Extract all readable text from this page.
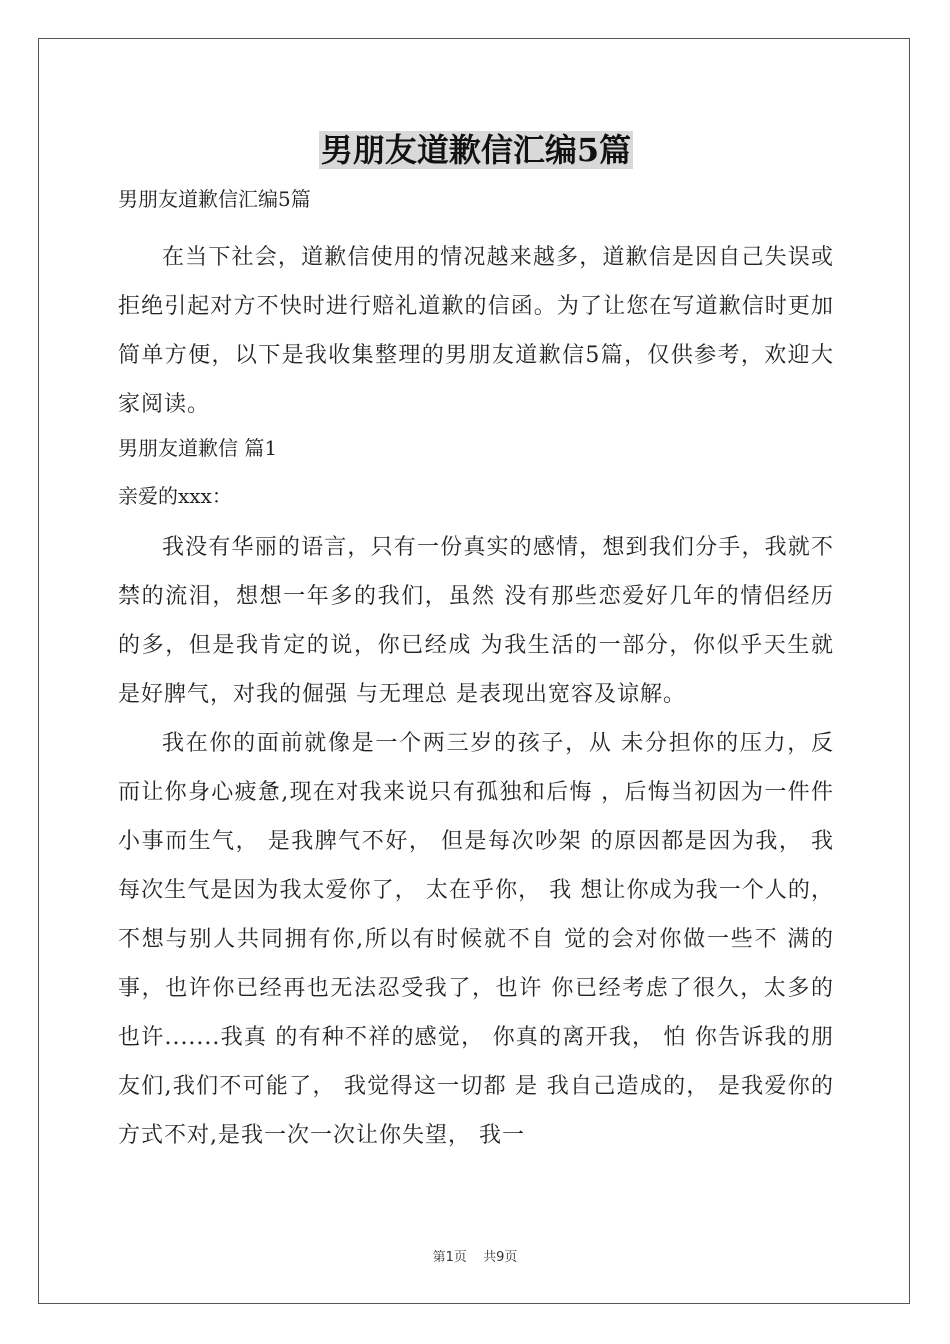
男朋友道歉信汇编5篇

男朋友道歉信汇编5篇

在当下社会，道歉信使用的情况越来越多，道歉信是因自己失误或拒绝引起对方不快时进行赔礼道歉的信函。为了让您在写道歉信时更加简单方便，以下是我收集整理的男朋友道歉信5篇，仅供参考，欢迎大家阅读。

男朋友道歉信 篇1

亲爱的xxx：

我没有华丽的语言，只有一份真实的感情，想到我们分手，我就不禁的流泪，想想一年多的我们，虽然 没有那些恋爱好几年的情侣经历 的多，但是我肯定的说，你已经成 为我生活的一部分，你似乎天生就是好脾气，对我的倔强 与无理总 是表现出宽容及谅解。

我在你的面前就像是一个两三岁的孩子，从 未分担你的压力，反而让你身心疲惫,现在对我来说只有孤独和后悔 ，后悔当初因为一件件小事而生气， 是我脾气不好， 但是每次吵架 的原因都是因为我， 我每次生气是因为我太爱你了， 太在乎你， 我 想让你成为我一个人的， 不想与别人共同拥有你,所以有时候就不自 觉的会对你做一些不 满的事，也许你已经再也无法忍受我了，也许 你已经考虑了很久，太多的也许.......我真 的有种不祥的感觉， 你真的离开我， 怕 你告诉我的朋友们,我们不可能了， 我觉得这一切都 是 我自己造成的， 是我爱你的方式不对,是我一次一次让你失望， 我一

第1页 共9页
